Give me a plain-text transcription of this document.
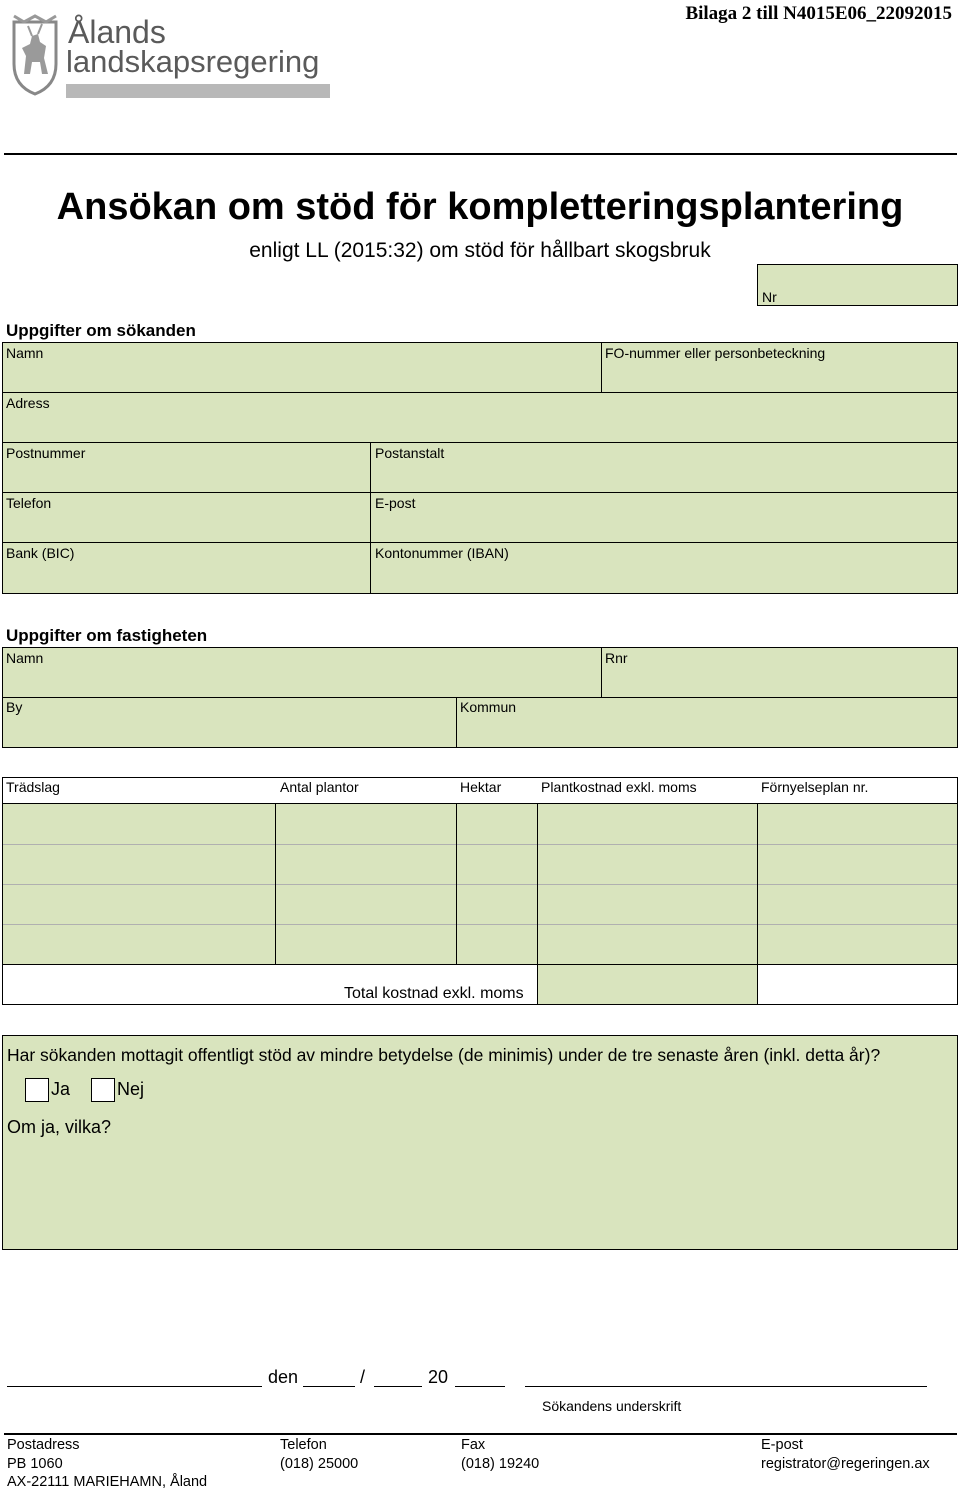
Ålands
landskapsregering
Bilaga 2 till N4015E06_22092015
Ansökan om stöd för kompletteringsplantering
enligt LL (2015:32) om stöd för hållbart skogsbruk
Nr
Uppgifter om sökanden
Namn	FO-nummer eller personbeteckning
Adress
Postnummer	Postanstalt
Telefon	E-post
Bank (BIC)	Kontonummer (IBAN)
Uppgifter om fastigheten
Namn	Rnr
By	Kommun
Trädslag	Antal plantor	Hektar	Plantkostnad exkl. moms	Förnyelseplan nr.
Total kostnad exkl. moms
Har sökanden mottagit offentligt stöd av mindre betydelse (de minimis) under de tre senaste åren (inkl. detta år)?
Ja	Nej
Om ja, vilka?
den	/	20
Sökandens underskrift
Postadress
PB 1060
AX-22111 MARIEHAMN, Åland
Telefon
(018) 25000
Fax
(018) 19240
E-post
registrator@regeringen.ax
